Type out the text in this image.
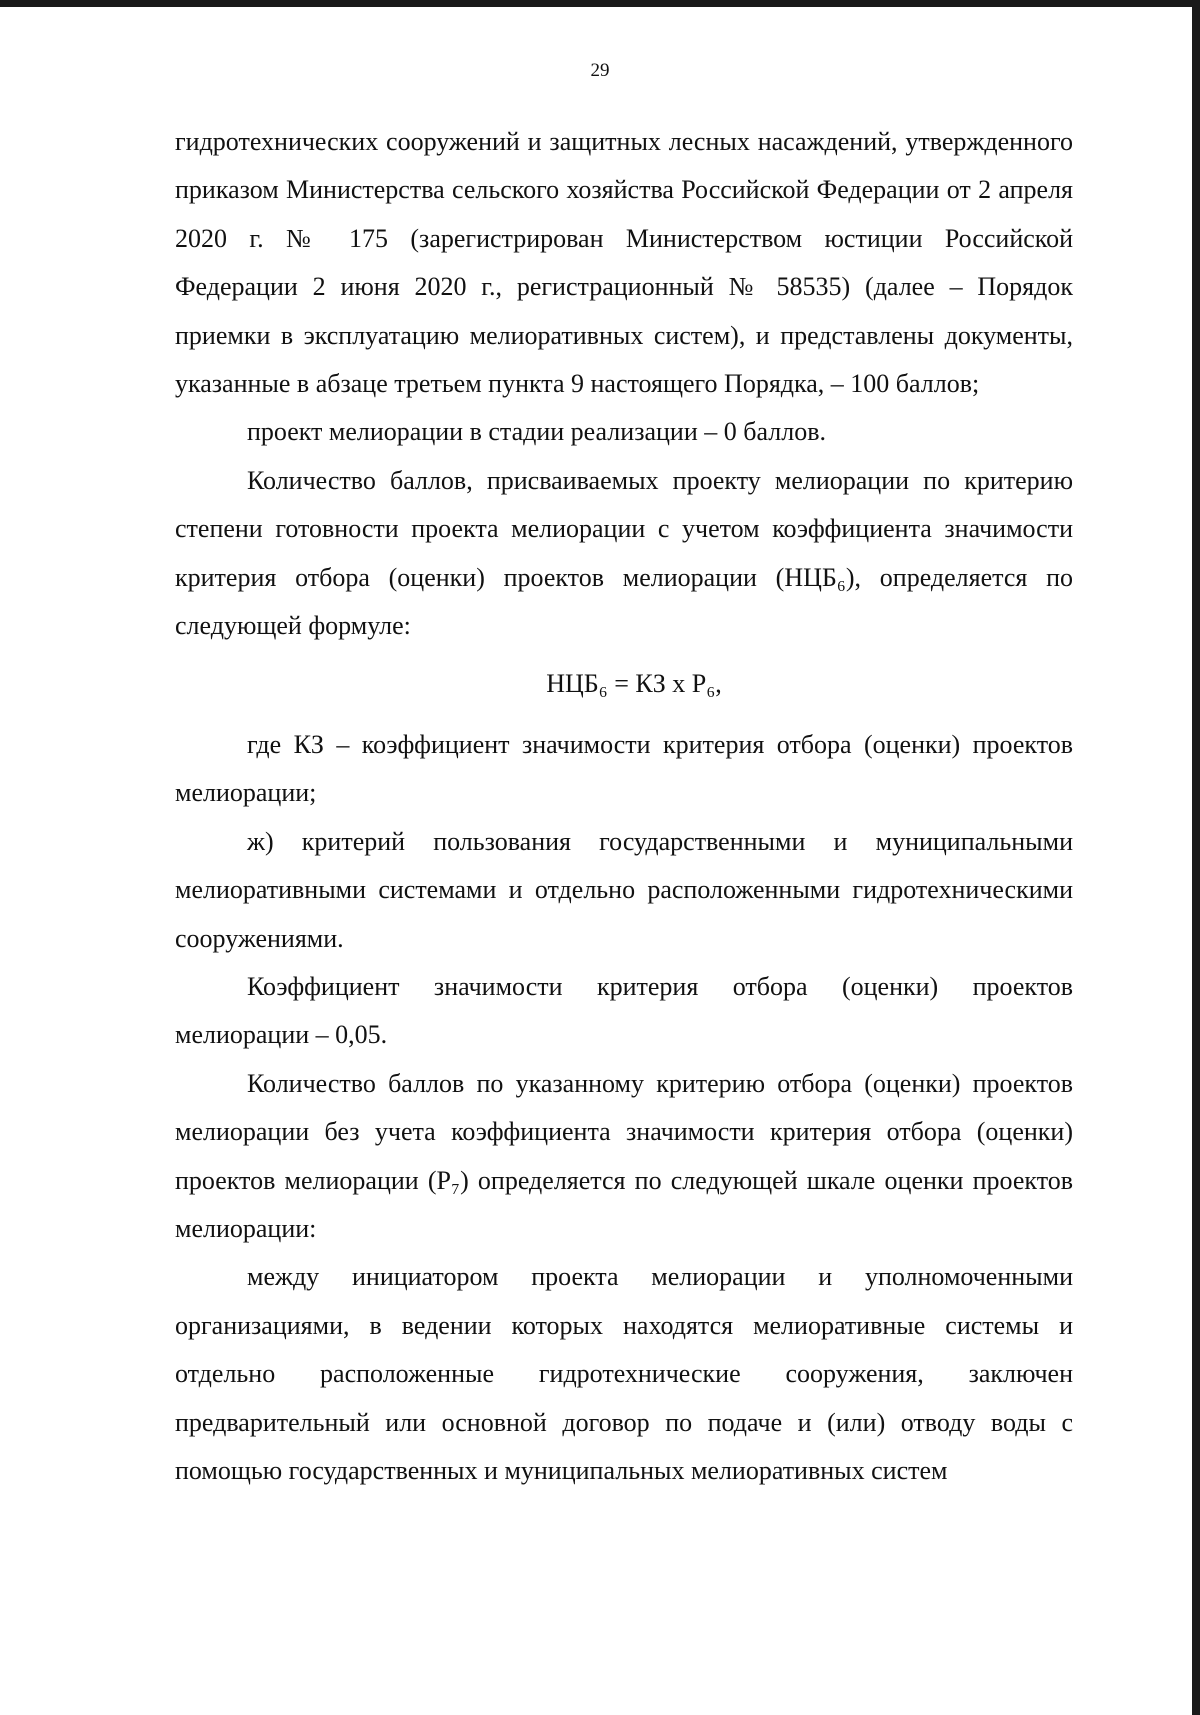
29

гидротехнических сооружений и защитных лесных насаждений, утвержденного приказом Министерства сельского хозяйства Российской Федерации от 2 апреля 2020 г. № 175 (зарегистрирован Министерством юстиции Российской Федерации 2 июня 2020 г., регистрационный № 58535) (далее – Порядок приемки в эксплуатацию мелиоративных систем), и представлены документы, указанные в абзаце третьем пункта 9 настоящего Порядка, – 100 баллов;

проект мелиорации в стадии реализации – 0 баллов.

Количество баллов, присваиваемых проекту мелиорации по критерию степени готовности проекта мелиорации с учетом коэффициента значимости критерия отбора (оценки) проектов мелиорации (НЦБ₆), определяется по следующей формуле:

НЦБ₆ = КЗ х Р₆,

где КЗ – коэффициент значимости критерия отбора (оценки) проектов мелиорации;

ж) критерий пользования государственными и муниципальными мелиоративными системами и отдельно расположенными гидротехническими сооружениями.

Коэффициент значимости критерия отбора (оценки) проектов мелиорации – 0,05.

Количество баллов по указанному критерию отбора (оценки) проектов мелиорации без учета коэффициента значимости критерия отбора (оценки) проектов мелиорации (Р₇) определяется по следующей шкале оценки проектов мелиорации:

между инициатором проекта мелиорации и уполномоченными организациями, в ведении которых находятся мелиоративные системы и отдельно расположенные гидротехнические сооружения, заключен предварительный или основной договор по подаче и (или) отводу воды с помощью государственных и муниципальных мелиоративных систем
